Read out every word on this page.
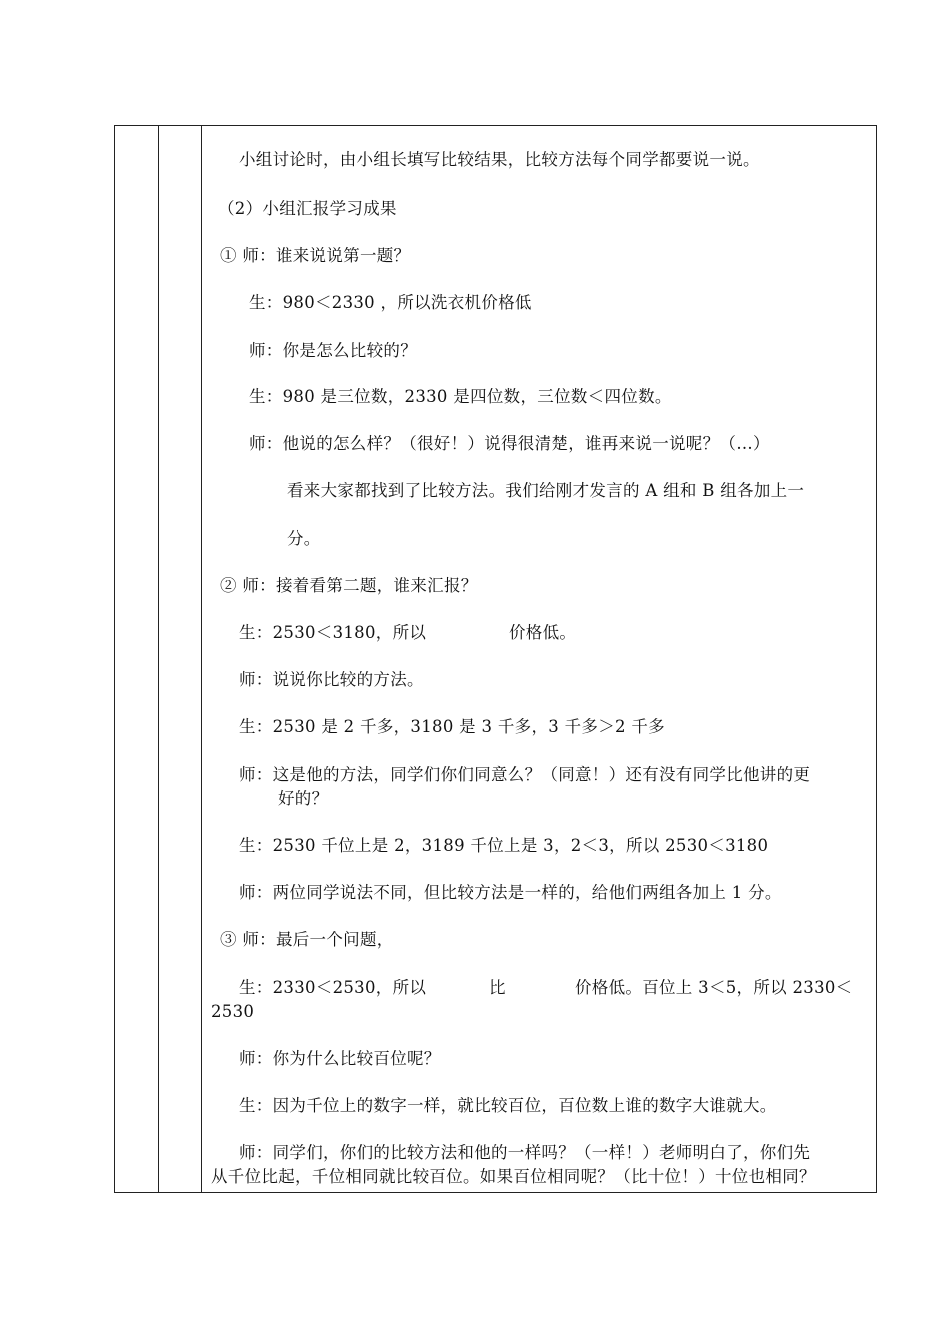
小组讨论时，由小组长填写比较结果，比较方法每个同学都要说一说。
（2）小组汇报学习成果
① 师：谁来说说第一题？
生：980＜2330 ，所以洗衣机价格低
师：你是怎么比较的？
生：980 是三位数，2330 是四位数，三位数＜四位数。
师：他说的怎么样？（很好！）说得很清楚，谁再来说一说呢？（…）
看来大家都找到了比较方法。我们给刚才发言的 A 组和 B 组各加上一
分。
② 师：接着看第二题，谁来汇报？
生：2530＜3180，所以	价格低。
师：说说你比较的方法。
生：2530 是 2 千多，3180 是 3 千多，3 千多＞2 千多
师：这是他的方法，同学们你们同意么？（同意！）还有没有同学比他讲的更
好的？
生：2530 千位上是 2，3189 千位上是 3，2＜3，所以 2530＜3180
师：两位同学说法不同，但比较方法是一样的，给他们两组各加上 1 分。
③ 师：最后一个问题，
生：2330＜2530，所以	比	价格低。百位上 3＜5，所以 2330＜
2530
师：你为什么比较百位呢？
生：因为千位上的数字一样，就比较百位，百位数上谁的数字大谁就大。
师：同学们，你们的比较方法和他的一样吗？（一样！）老师明白了，你们先
从千位比起，千位相同就比较百位。如果百位相同呢？（比十位！）十位也相同？
